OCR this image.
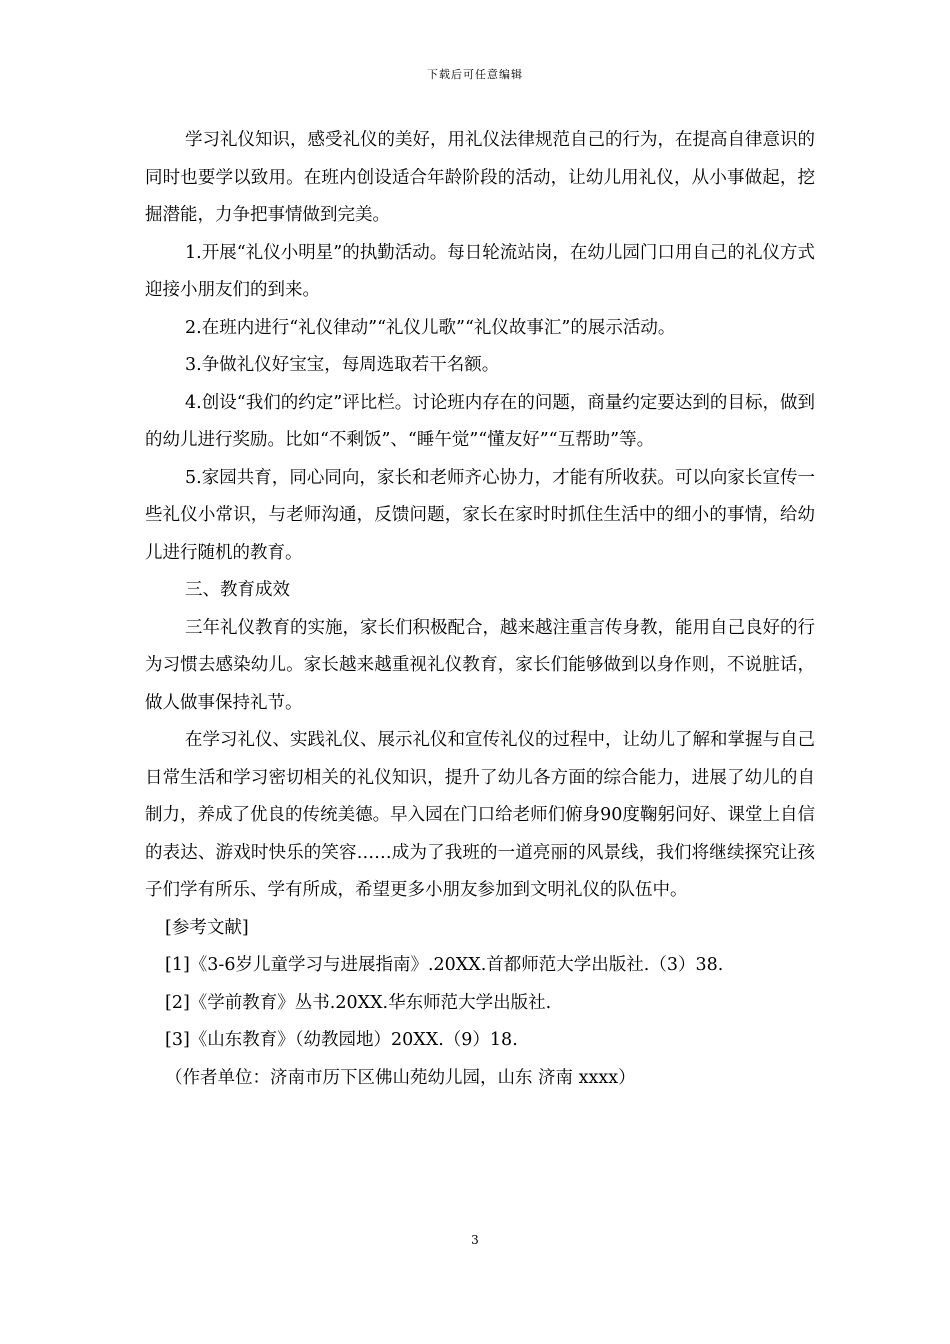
下载后可任意编辑

学习礼仪知识，感受礼仪的美好，用礼仪法律规范自己的行为，在提高自律意识的同时也要学以致用。在班内创设适合年龄阶段的活动，让幼儿用礼仪，从小事做起，挖掘潜能，力争把事情做到完美。

1.开展“礼仪小明星”的执勤活动。每日轮流站岗，在幼儿园门口用自己的礼仪方式迎接小朋友们的到来。

2.在班内进行“礼仪律动”“礼仪儿歌”“礼仪故事汇”的展示活动。

3.争做礼仪好宝宝，每周选取若干名额。

4.创设“我们的约定”评比栏。讨论班内存在的问题，商量约定要达到的目标，做到的幼儿进行奖励。比如“不剩饭”、“睡午觉”“懂友好”“互帮助”等。

5.家园共育，同心同向，家长和老师齐心协力，才能有所收获。可以向家长宣传一些礼仪小常识，与老师沟通，反馈问题，家长在家时时抓住生活中的细小的事情，给幼儿进行随机的教育。

三、教育成效

三年礼仪教育的实施，家长们积极配合，越来越注重言传身教，能用自己良好的行为习惯去感染幼儿。家长越来越重视礼仪教育，家长们能够做到以身作则，不说脏话，做人做事保持礼节。

在学习礼仪、实践礼仪、展示礼仪和宣传礼仪的过程中，让幼儿了解和掌握与自己日常生活和学习密切相关的礼仪知识，提升了幼儿各方面的综合能力，进展了幼儿的自制力，养成了优良的传统美德。早入园在门口给老师们俯身90度鞠躬问好、课堂上自信的表达、游戏时快乐的笑容……成为了我班的一道亮丽的风景线，我们将继续探究让孩子们学有所乐、学有所成，希望更多小朋友参加到文明礼仪的队伍中。

[参考文献]

[1]《3-6岁儿童学习与进展指南》.20XX.首都师范大学出版社.（3）38.

[2]《学前教育》丛书.20XX.华东师范大学出版社.

[3]《山东教育》（幼教园地）20XX.（9）18.

（作者单位：济南市历下区佛山苑幼儿园，山东 济南 xxxx）

3
